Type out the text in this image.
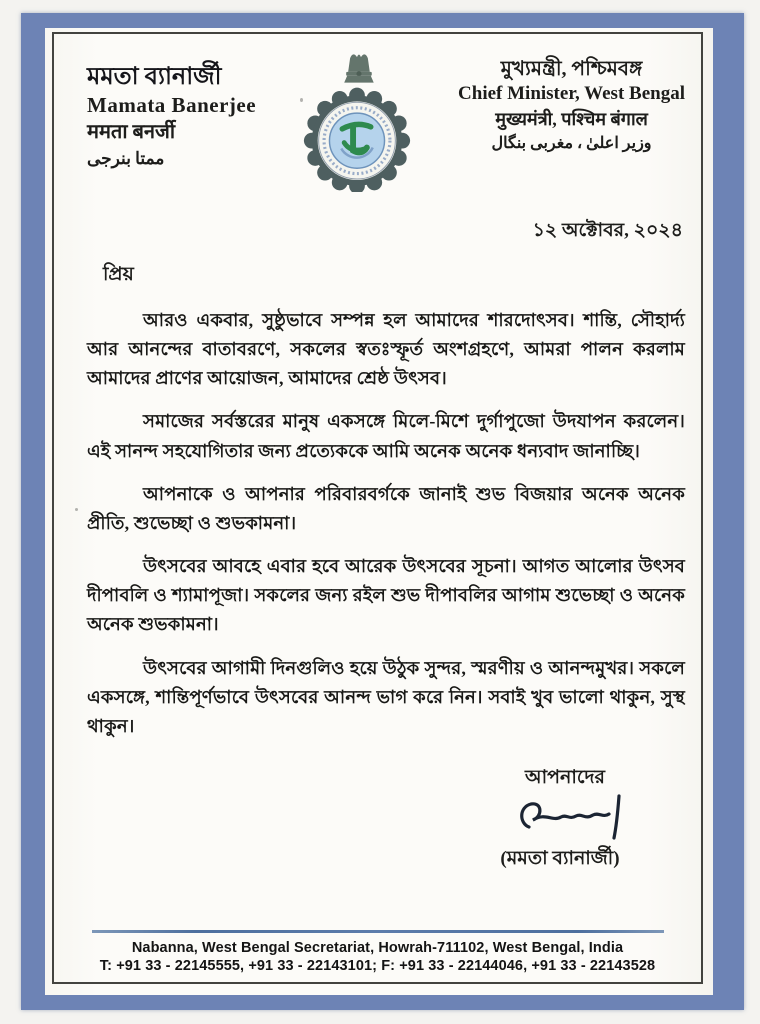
মমতা ব্যানার্জী
Mamata Banerjee
ममता बनर्जी
ممتا بنرجی
মুখ্যমন্ত্রী, পশ্চিমবঙ্গ
Chief Minister, West Bengal
मुख्यमंत्री, पश्चिम बंगाल
وزیر اعلیٰ ، مغربی بنگال
১২ অক্টোবর, ২০২৪
প্রিয়

আরও একবার, সুষ্ঠুভাবে সম্পন্ন হল আমাদের শারদোৎসব। শান্তি, সৌহার্দ্য আর আনন্দের বাতাবরণে, সকলের স্বতঃস্ফূর্ত অংশগ্রহণে, আমরা পালন করলাম আমাদের প্রাণের আয়োজন, আমাদের শ্রেষ্ঠ উৎসব।

সমাজের সর্বস্তরের মানুষ একসঙ্গে মিলে-মিশে দুর্গাপুজো উদযাপন করলেন। এই সানন্দ সহযোগিতার জন্য প্রত্যেককে আমি অনেক অনেক ধন্যবাদ জানাচ্ছি।

আপনাকে ও আপনার পরিবারবর্গকে জানাই শুভ বিজয়ার অনেক অনেক প্রীতি, শুভেচ্ছা ও শুভকামনা।

উৎসবের আবহে এবার হবে আরেক উৎসবের সূচনা। আগত আলোর উৎসব দীপাবলি ও শ্যামাপূজা। সকলের জন্য রইল শুভ দীপাবলির আগাম শুভেচ্ছা ও অনেক অনেক শুভকামনা।

উৎসবের আগামী দিনগুলিও হয়ে উঠুক সুন্দর, স্মরণীয় ও আনন্দমুখর। সকলে একসঙ্গে, শান্তিপূর্ণভাবে উৎসবের আনন্দ ভাগ করে নিন। সবাই খুব ভালো থাকুন, সুস্থ থাকুন।

আপনাদের
(মমতা ব্যানার্জী)
Nabanna, West Bengal Secretariat, Howrah-711102, West Bengal, India
T: +91 33 - 22145555, +91 33 - 22143101; F: +91 33 - 22144046, +91 33 - 22143528
